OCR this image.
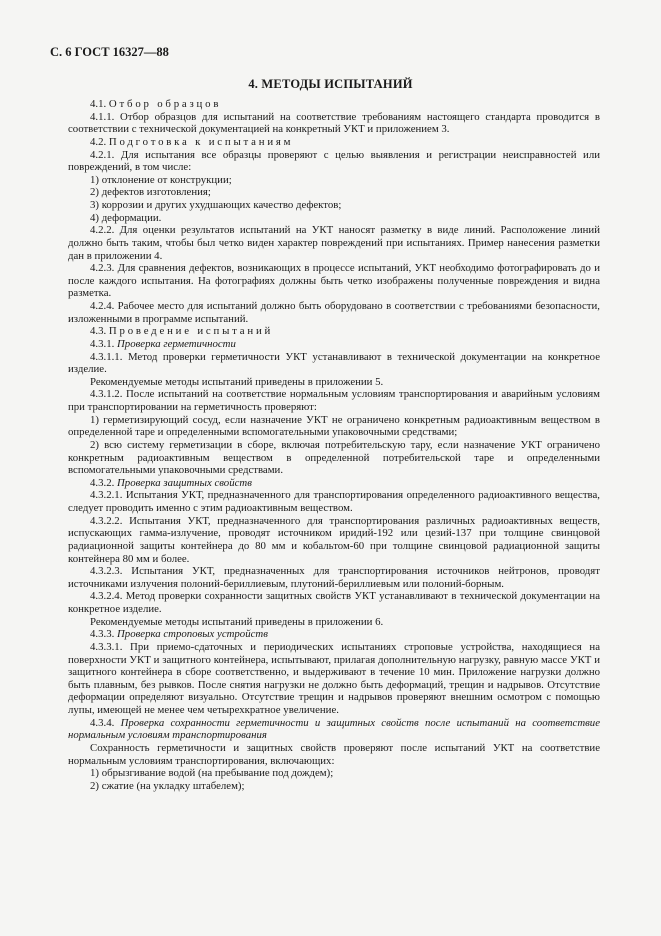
С. 6 ГОСТ 16327—88
4. МЕТОДЫ ИСПЫТАНИЙ

4.1. Отбор образцов

4.1.1. Отбор образцов для испытаний на соответствие требованиям настоящего стандарта проводится в соответствии с технической документацией на конкретный УКТ и приложением 3.

4.2. Подготовка к испытаниям

4.2.1. Для испытания все образцы проверяют с целью выявления и регистрации неисправностей или повреждений, в том числе:

1) отклонение от конструкции;

2) дефектов изготовления;

3) коррозии и других ухудшающих качество дефектов;

4) деформации.

4.2.2. Для оценки результатов испытаний на УКТ наносят разметку в виде линий. Расположение линий должно быть таким, чтобы был четко виден характер повреждений при испытаниях. Пример нанесения разметки дан в приложении 4.

4.2.3. Для сравнения дефектов, возникающих в процессе испытаний, УКТ необходимо фотографировать до и после каждого испытания. На фотографиях должны быть четко изображены полученные повреждения и видна разметка.

4.2.4. Рабочее место для испытаний должно быть оборудовано в соответствии с требованиями безопасности, изложенными в программе испытаний.

4.3. Проведение испытаний

4.3.1. Проверка герметичности

4.3.1.1. Метод проверки герметичности УКТ устанавливают в технической документации на конкретное изделие.

Рекомендуемые методы испытаний приведены в приложении 5.

4.3.1.2. После испытаний на соответствие нормальным условиям транспортирования и аварийным условиям при транспортировании на герметичность проверяют:

1) герметизирующий сосуд, если назначение УКТ не ограничено конкретным радиоактивным веществом в определенной таре и определенными вспомогательными упаковочными средствами;

2) всю систему герметизации в сборе, включая потребительскую тару, если назначение УКТ ограничено конкретным радиоактивным веществом в определенной потребительской таре и определенными вспомогательными упаковочными средствами.

4.3.2. Проверка защитных свойств

4.3.2.1. Испытания УКТ, предназначенного для транспортирования определенного радиоактивного вещества, следует проводить именно с этим радиоактивным веществом.

4.3.2.2. Испытания УКТ, предназначенного для транспортирования различных радиоактивных веществ, испускающих гамма-излучение, проводят источником иридий-192 или цезий-137 при толщине свинцовой радиационной защиты контейнера до 80 мм и кобальтом-60 при толщине свинцовой радиационной защиты контейнера 80 мм и более.

4.3.2.3. Испытания УКТ, предназначенных для транспортирования источников нейтронов, проводят источниками излучения полоний-бериллиевым, плутоний-бериллиевым или полоний-борным.

4.3.2.4. Метод проверки сохранности защитных свойств УКТ устанавливают в технической документации на конкретное изделие.

Рекомендуемые методы испытаний приведены в приложении 6.

4.3.3. Проверка строповых устройств

4.3.3.1. При приемо-сдаточных и периодических испытаниях строповые устройства, находящиеся на поверхности УКТ и защитного контейнера, испытывают, прилагая дополнительную нагрузку, равную массе УКТ и защитного контейнера в сборе соответственно, и выдерживают в течение 10 мин. Приложение нагрузки должно быть плавным, без рывков. После снятия нагрузки не должно быть деформаций, трещин и надрывов. Отсутствие деформации определяют визуально. Отсутствие трещин и надрывов проверяют внешним осмотром с помощью лупы, имеющей не менее чем четырехкратное увеличение.

4.3.4. Проверка сохранности герметичности и защитных свойств после испытаний на соответствие нормальным условиям транспортирования

Сохранность герметичности и защитных свойств проверяют после испытаний УКТ на соответствие нормальным условиям транспортирования, включающих:

1) обрызгивание водой (на пребывание под дождем);

2) сжатие (на укладку штабелем);
